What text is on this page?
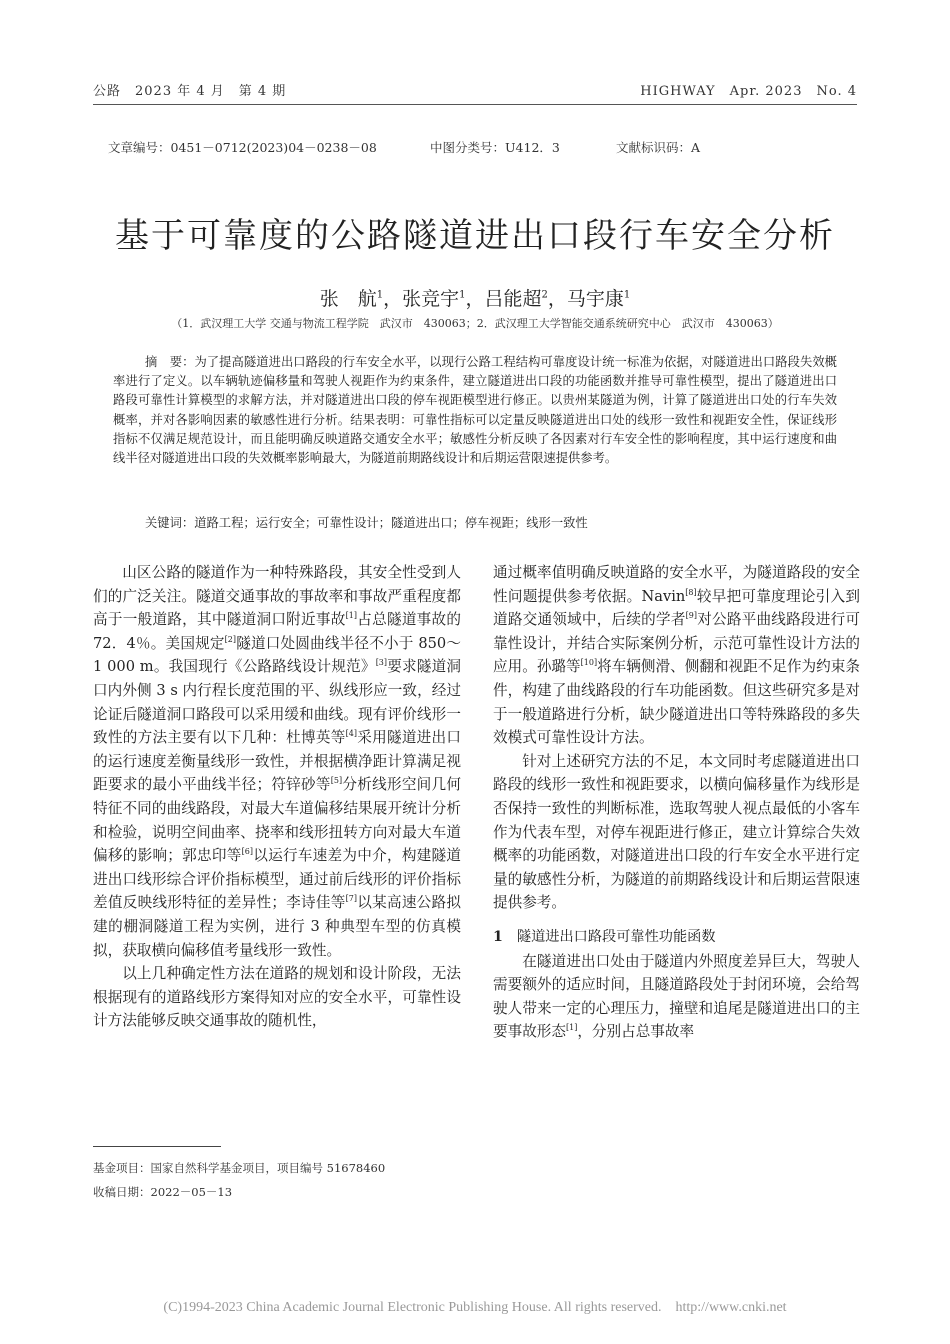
公路　2023 年 4 月　第 4 期	HIGHWAY　Apr. 2023　No. 4
文章编号：0451－0712(2023)04－0238－08	中图分类号：U412．3	文献标识码：A
基于可靠度的公路隧道进出口段行车安全分析
张　航$^1$，张竞宇$^1$，吕能超$^2$，马宇康$^1$
（1．武汉理工大学 交通与物流工程学院　武汉市　430063；2．武汉理工大学智能交通系统研究中心　武汉市　430063）
摘　要：为了提高隧道进出口路段的行车安全水平，以现行公路工程结构可靠度设计统一标准为依据，对隧道进出口路段失效概率进行了定义。以车辆轨迹偏移量和驾驶人视距作为约束条件，建立隧道进出口段的功能函数并推导可靠性模型，提出了隧道进出口路段可靠性计算模型的求解方法，并对隧道进出口段的停车视距模型进行修正。以贵州某隧道为例，计算了隧道进出口处的行车失效概率，并对各影响因素的敏感性进行分析。结果表明：可靠性指标可以定量反映隧道进出口处的线形一致性和视距安全性，保证线形指标不仅满足规范设计，而且能明确反映道路交通安全水平；敏感性分析反映了各因素对行车安全性的影响程度，其中运行速度和曲线半径对隧道进出口段的失效概率影响最大，为隧道前期路线设计和后期运营限速提供参考。
关键词：道路工程；运行安全；可靠性设计；隧道进出口；停车视距；线形一致性

山区公路的隧道作为一种特殊路段，其安全性受到人们的广泛关注。隧道交通事故的事故率和事故严重程度都高于一般道路，其中隧道洞口附近事故[1]占总隧道事故的 72．4％。美国规定[2]隧道口处圆曲线半径不小于 850～1 000 m。我国现行《公路路线设计规范》[3]要求隧道洞口内外侧 3 s 内行程长度范围的平、纵线形应一致，经过论证后隧道洞口路段可以采用缓和曲线。现有评价线形一致性的方法主要有以下几种：杜博英等[4]采用隧道进出口的运行速度差衡量线形一致性，并根据横净距计算满足视距要求的最小平曲线半径；符锌砂等[5]分析线形空间几何特征不同的曲线路段，对最大车道偏移结果展开统计分析和检验，说明空间曲率、挠率和线形扭转方向对最大车道偏移的影响；郭忠印等[6]以运行车速差为中介，构建隧道进出口线形综合评价指标模型，通过前后线形的评价指标差值反映线形特征的差异性；李诗佳等[7]以某高速公路拟建的棚洞隧道工程为实例，进行 3 种典型车型的仿真模拟，获取横向偏移值考量线形一致性。

以上几种确定性方法在道路的规划和设计阶段，无法根据现有的道路线形方案得知对应的安全水平，可靠性设计方法能够反映交通事故的随机性，

通过概率值明确反映道路的安全水平，为隧道路段的安全性问题提供参考依据。Navin[8]较早把可靠度理论引入到道路交通领域中，后续的学者[9]对公路平曲线路段进行可靠性设计，并结合实际案例分析，示范可靠性设计方法的应用。孙璐等[10]将车辆侧滑、侧翻和视距不足作为约束条件，构建了曲线路段的行车功能函数。但这些研究多是对于一般道路进行分析，缺少隧道进出口等特殊路段的多失效模式可靠性设计方法。

针对上述研究方法的不足，本文同时考虑隧道进出口路段的线形一致性和视距要求，以横向偏移量作为线形是否保持一致性的判断标准，选取驾驶人视点最低的小客车作为代表车型，对停车视距进行修正，建立计算综合失效概率的功能函数，对隧道进出口段的行车安全水平进行定量的敏感性分析，为隧道的前期路线设计和后期运营限速提供参考。

1 隧道进出口路段可靠性功能函数

在隧道进出口处由于隧道内外照度差异巨大，驾驶人需要额外的适应时间，且隧道路段处于封闭环境，会给驾驶人带来一定的心理压力，撞壁和追尾是隧道进出口的主要事故形态[1]，分别占总事故率

基金项目：国家自然科学基金项目，项目编号 51678460
收稿日期：2022－05－13
(C)1994-2023 China Academic Journal Electronic Publishing House. All rights reserved.　http://www.cnki.net
